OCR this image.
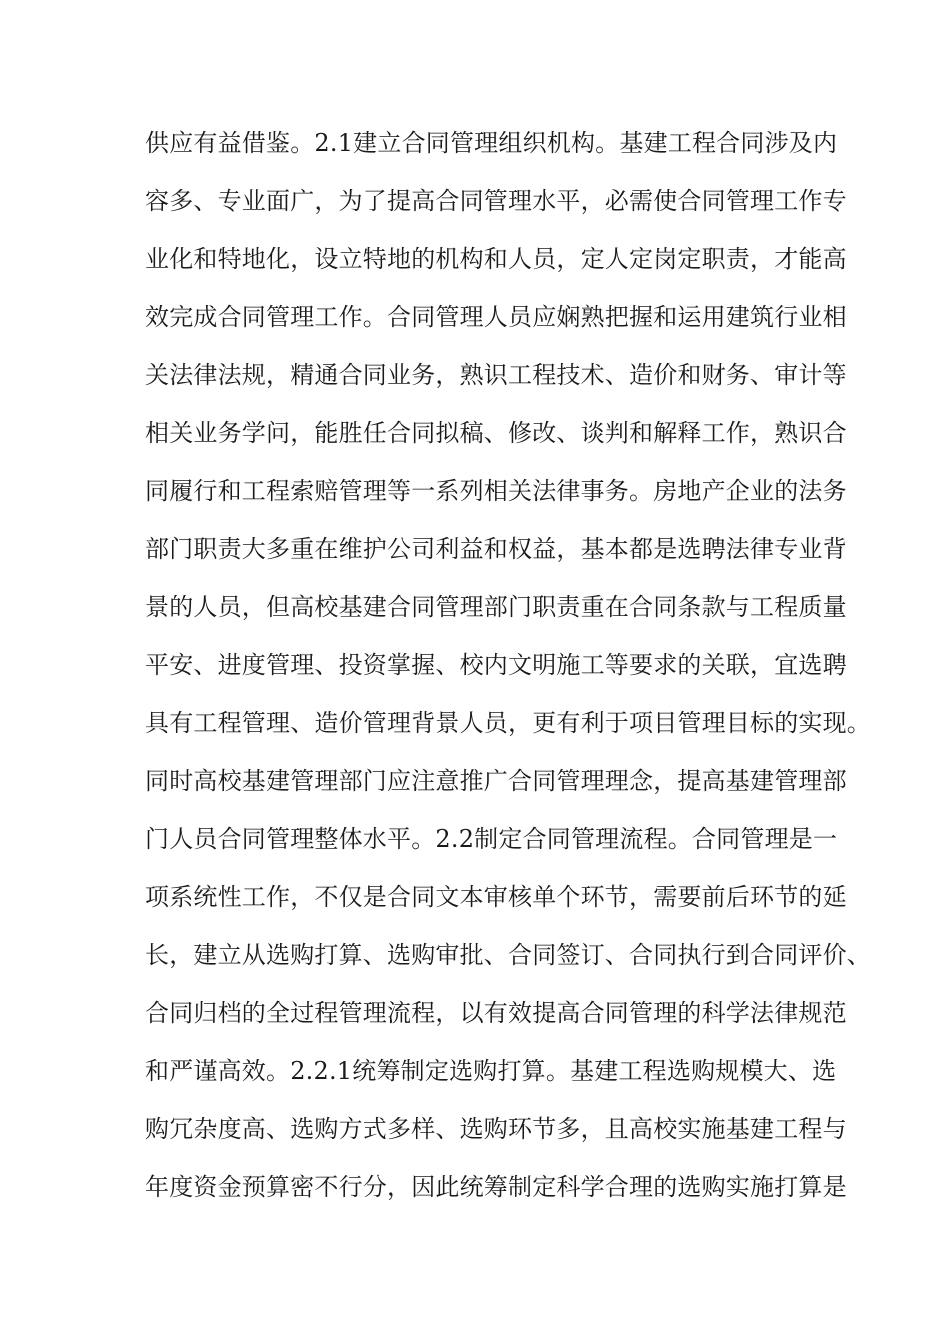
供应有益借鉴。2.1建立合同管理组织机构。基建工程合同涉及内

容多、专业面广，为了提高合同管理水平，必需使合同管理工作专

业化和特地化，设立特地的机构和人员，定人定岗定职责，才能高

效完成合同管理工作。合同管理人员应娴熟把握和运用建筑行业相

关法律法规，精通合同业务，熟识工程技术、造价和财务、审计等

相关业务学问，能胜任合同拟稿、修改、谈判和解释工作，熟识合

同履行和工程索赔管理等一系列相关法律事务。房地产企业的法务

部门职责大多重在维护公司利益和权益，基本都是选聘法律专业背

景的人员，但高校基建合同管理部门职责重在合同条款与工程质量

平安、进度管理、投资掌握、校内文明施工等要求的关联，宜选聘

具有工程管理、造价管理背景人员，更有利于项目管理目标的实现。

同时高校基建管理部门应注意推广合同管理理念，提高基建管理部

门人员合同管理整体水平。2.2制定合同管理流程。合同管理是一

项系统性工作，不仅是合同文本审核单个环节，需要前后环节的延

长，建立从选购打算、选购审批、合同签订、合同执行到合同评价、

合同归档的全过程管理流程，以有效提高合同管理的科学法律规范

和严谨高效。2.2.1统筹制定选购打算。基建工程选购规模大、选

购冗杂度高、选购方式多样、选购环节多，且高校实施基建工程与

年度资金预算密不行分，因此统筹制定科学合理的选购实施打算是
